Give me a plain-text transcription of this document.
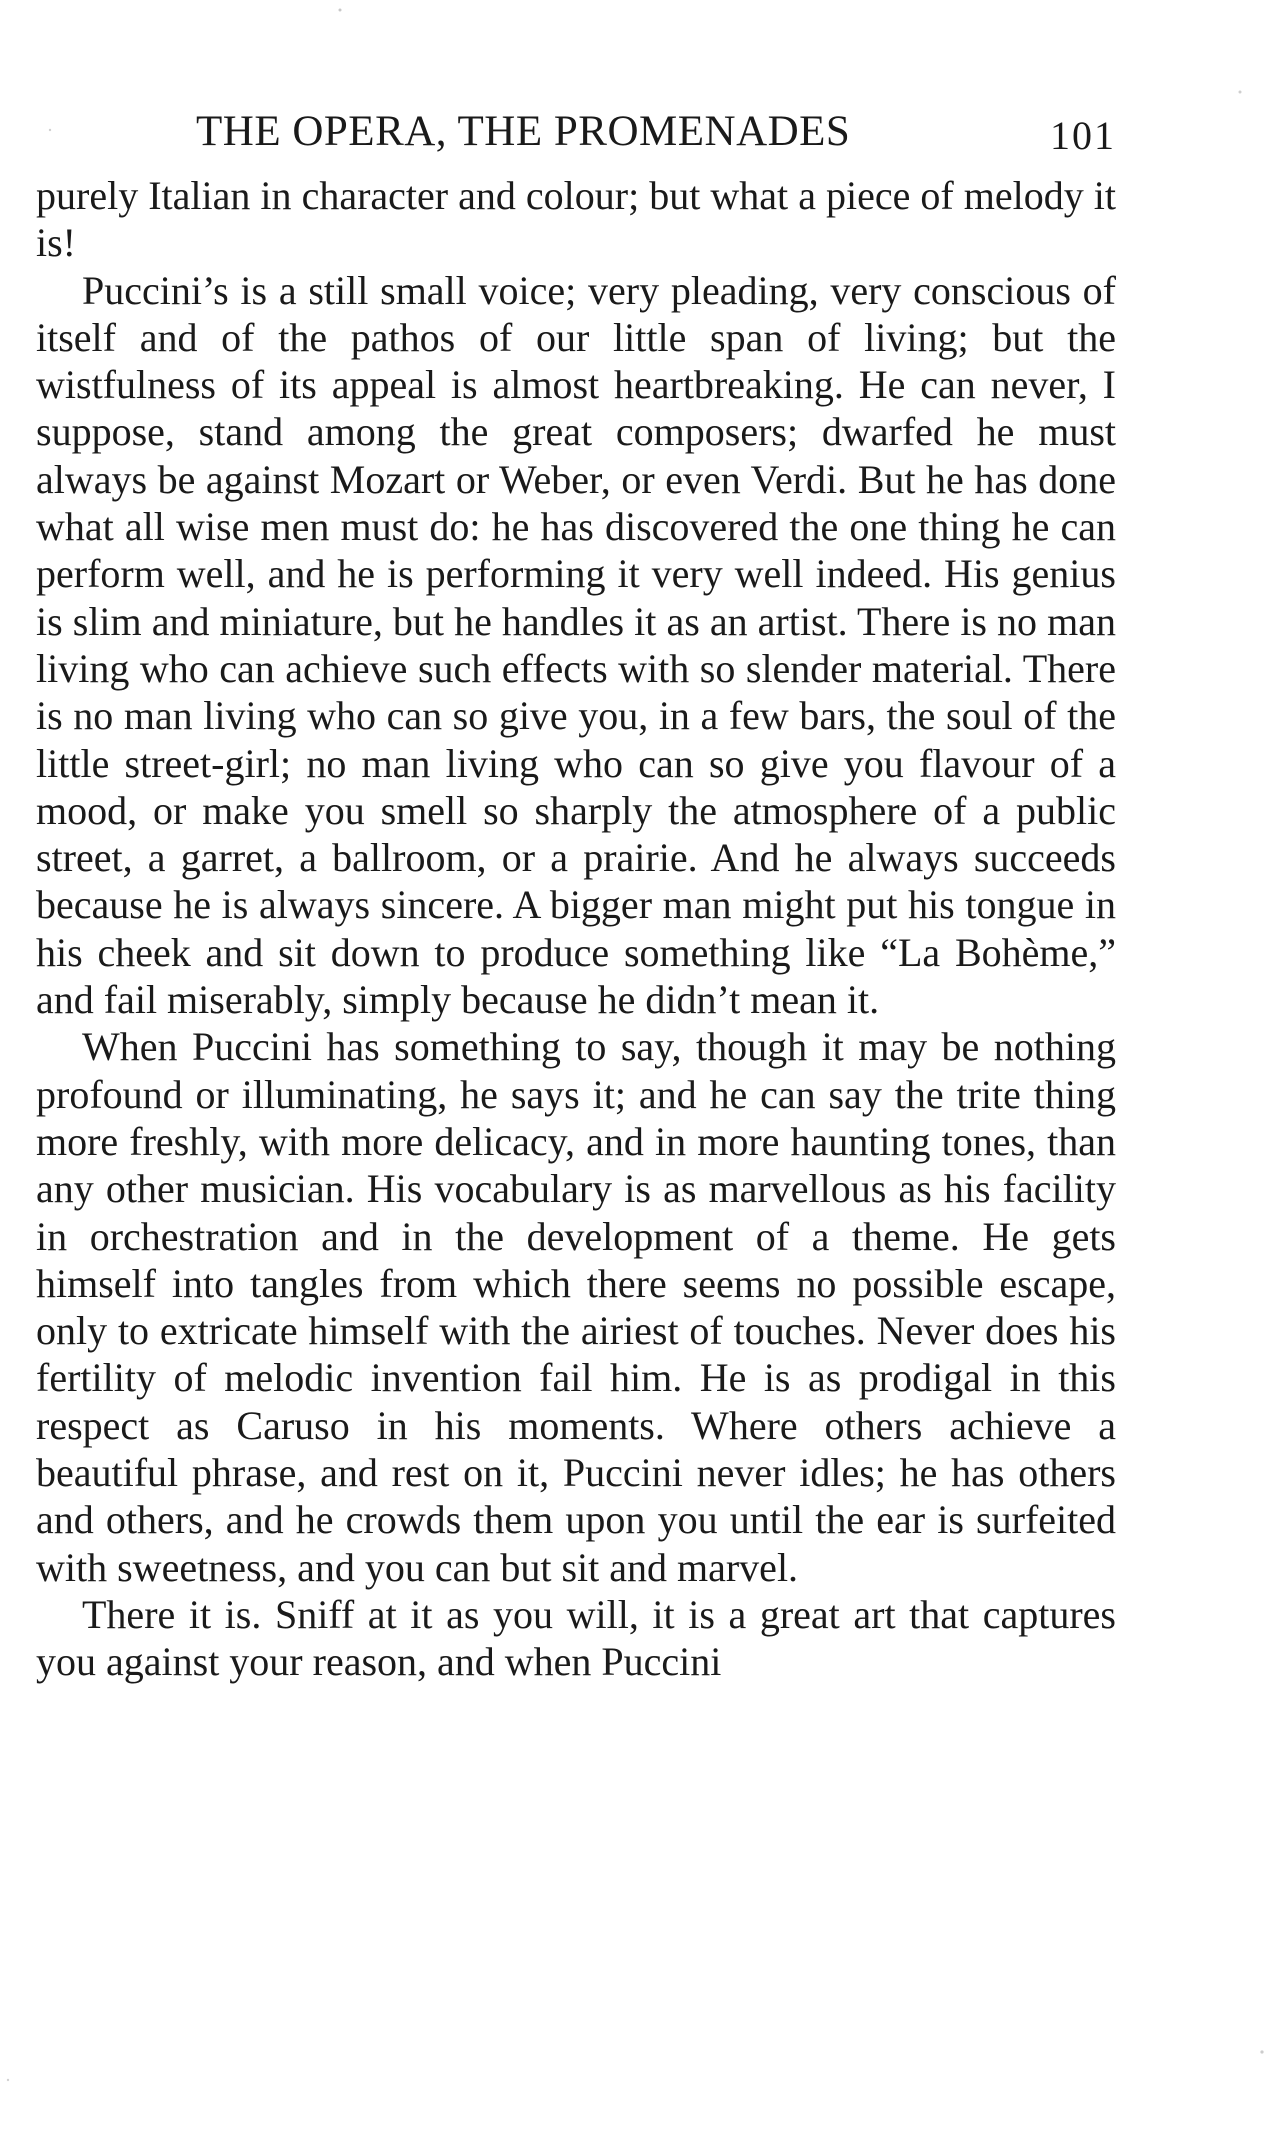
THE OPERA, THE PROMENADES	101

purely Italian in character and colour; but what a piece of melody it is!

Puccini’s is a still small voice; very pleading, very conscious of itself and of the pathos of our little span of living; but the wistfulness of its appeal is almost heartbreaking. He can never, I suppose, stand among the great composers; dwarfed he must always be against Mozart or Weber, or even Verdi. But he has done what all wise men must do: he has discovered the one thing he can perform well, and he is performing it very well indeed. His genius is slim and miniature, but he handles it as an artist. There is no man living who can achieve such effects with so slender material. There is no man living who can so give you, in a few bars, the soul of the little street-girl; no man living who can so give you flavour of a mood, or make you smell so sharply the atmosphere of a public street, a garret, a ballroom, or a prairie. And he always succeeds because he is always sincere. A bigger man might put his tongue in his cheek and sit down to produce something like “La Bohème,” and fail miserably, simply because he didn’t mean it.

When Puccini has something to say, though it may be nothing profound or illuminating, he says it; and he can say the trite thing more freshly, with more delicacy, and in more haunting tones, than any other musician. His vocabulary is as marvellous as his facility in orchestration and in the development of a theme. He gets himself into tangles from which there seems no possible escape, only to extricate himself with the airiest of touches. Never does his fertility of melodic invention fail him. He is as prodigal in this respect as Caruso in his moments. Where others achieve a beautiful phrase, and rest on it, Puccini never idles; he has others and others, and he crowds them upon you until the ear is surfeited with sweetness, and you can but sit and marvel.

There it is. Sniff at it as you will, it is a great art that captures you against your reason, and when Puccini
